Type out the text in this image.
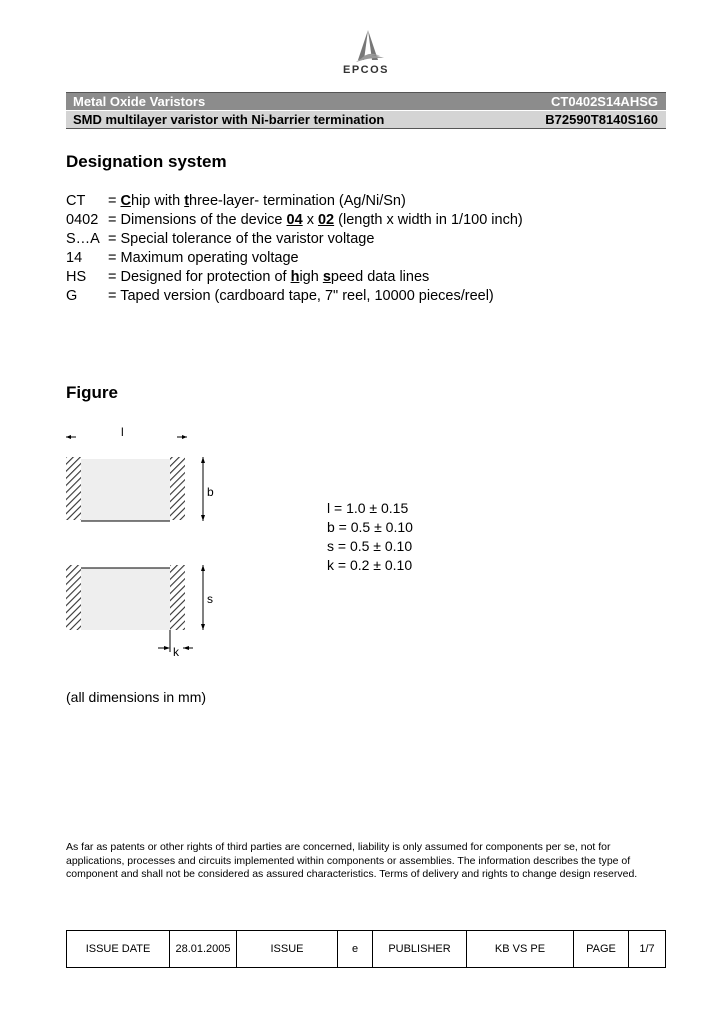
EPCOS
Metal Oxide Varistors	CT0402S14AHSG
SMD multilayer varistor with Ni-barrier termination	B72590T8140S160
Designation system
CT = Chip with three-layer- termination (Ag/Ni/Sn)
0402 = Dimensions of the device 04 x 02 (length x width in 1/100 inch)
S…A = Special tolerance of the varistor voltage
14 = Maximum operating voltage
HS = Designed for protection of high speed data lines
G = Taped version (cardboard tape, 7" reel, 10000 pieces/reel)
Figure
l
b
s
k
l = 1.0 ± 0.15
b = 0.5 ± 0.10
s = 0.5 ± 0.10
k = 0.2 ± 0.10
(all dimensions in mm)
As far as patents or other rights of third parties are concerned, liability is only assumed for components per se, not for applications, processes and circuits implemented within components or assemblies. The information describes the type of component and shall not be considered as assured characteristics. Terms of delivery and rights to change design reserved.
ISSUE DATE	28.01.2005	ISSUE	e	PUBLISHER	KB VS PE	PAGE	1/7
